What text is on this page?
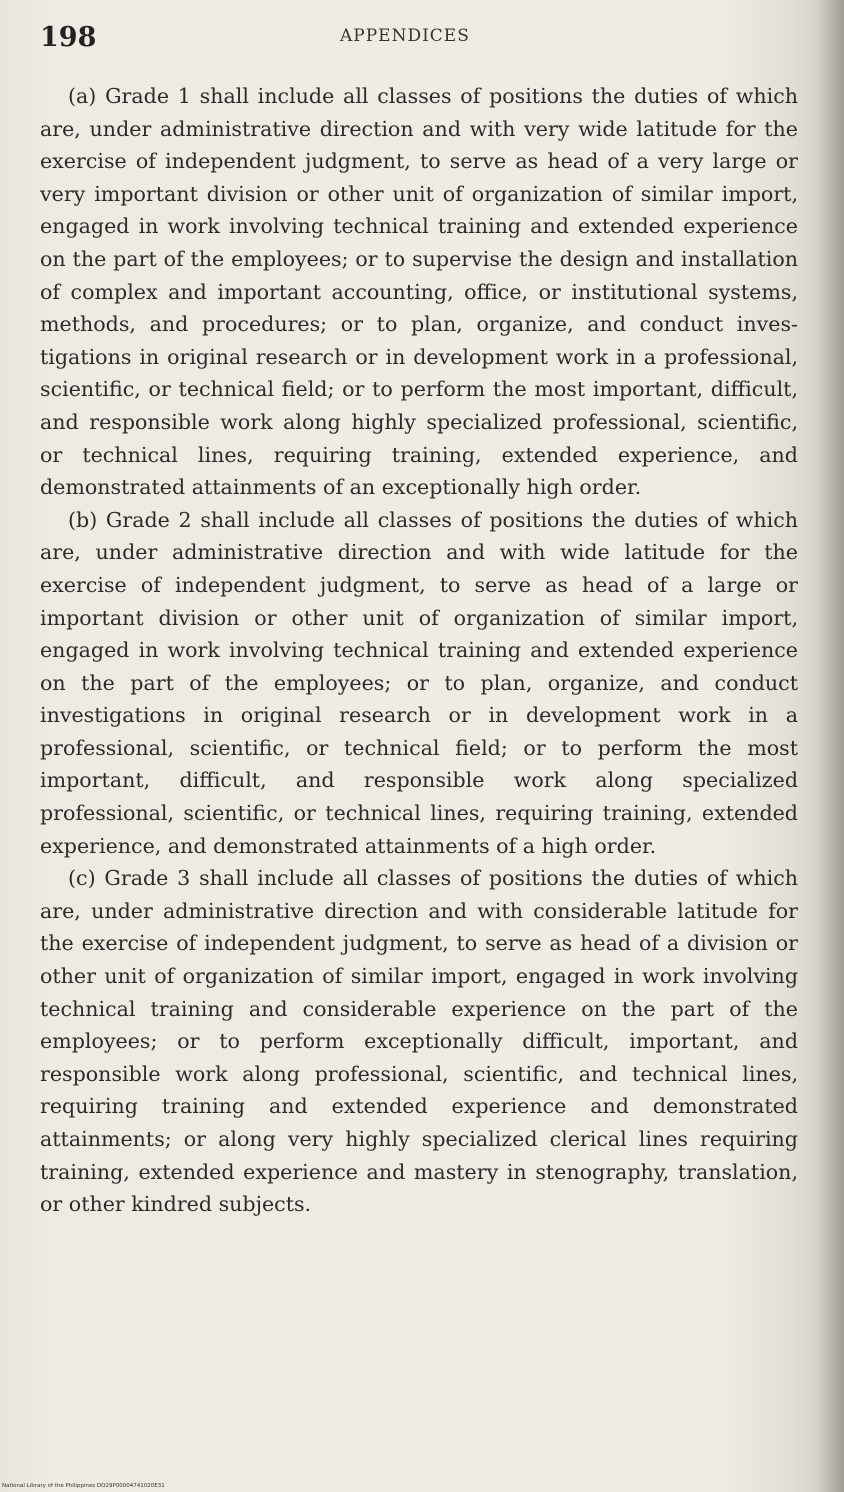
198	APPENDICES

(a) Grade 1 shall include all classes of positions the duties of which are, under administrative direction and with very wide latitude for the exercise of independent judgment, to serve as head of a very large or very important division or other unit of organization of similar import, engaged in work involving technical training and extended experience on the part of the employees; or to supervise the design and installation of complex and important accounting, office, or institutional systems, methods, and procedures; or to plan, organize, and conduct investigations in original research or in development work in a professional, scientific, or technical field; or to perform the most important, difficult, and responsible work along highly specialized professional, scientific, or technical lines, requiring training, extended experience, and demonstrated attainments of an exceptionally high order.

(b) Grade 2 shall include all classes of positions the duties of which are, under administrative direction and with wide latitude for the exercise of independent judgment, to serve as head of a large or important division or other unit of organization of similar import, engaged in work involving technical training and extended experience on the part of the employees; or to plan, organize, and conduct investigations in original research or in development work in a professional, scientific, or technical field; or to perform the most important, difficult, and responsible work along specialized professional, scientific, or technical lines, requiring training, extended experience, and demonstrated attainments of a high order.

(c) Grade 3 shall include all classes of positions the duties of which are, under administrative direction and with considerable latitude for the exercise of independent judgment, to serve as head of a division or other unit of organization of similar import, engaged in work involving technical training and considerable experience on the part of the employees; or to perform exceptionally difficult, important, and responsible work along professional, scientific, and technical lines, requiring training and extended experience and demonstrated attainments; or along very highly specialized clerical lines requiring training, extended experience and mastery in stenography, translation, or other kindred subjects.

National Library of the Philippines DO29P00004741020E31
